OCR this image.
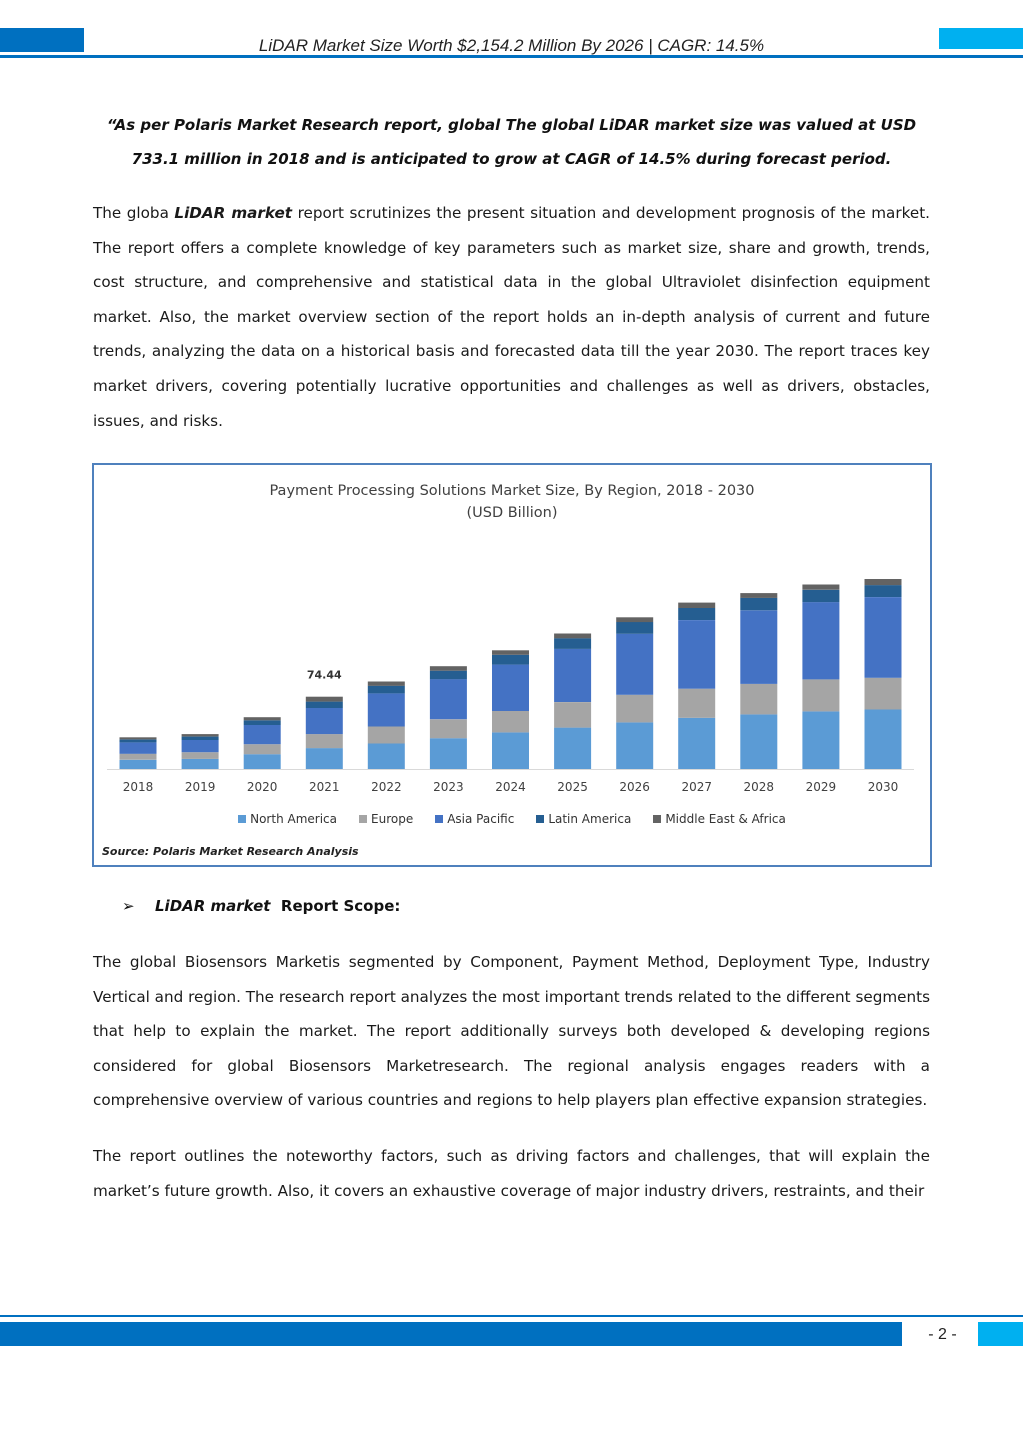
LiDAR Market Size Worth $2,154.2 Million By 2026 | CAGR: 14.5%
“As per Polaris Market Research report, global The global LiDAR market size was valued at USD 733.1 million in 2018 and is anticipated to grow at CAGR of 14.5% during forecast period.

The globa LiDAR market report scrutinizes the present situation and development prognosis of the market. The report offers a complete knowledge of key parameters such as market size, share and growth, trends, cost structure, and comprehensive and statistical data in the global Ultraviolet disinfection equipment market. Also, the market overview section of the report holds an in-depth analysis of current and future trends, analyzing the data on a historical basis and forecasted data till the year 2030. The report traces key market drivers, covering potentially lucrative opportunities and challenges as well as drivers, obstacles, issues, and risks.

Payment Processing Solutions Market Size, By Region, 2018 - 2030
(USD Billion)
2018	2019	2020	2021
74.44
2022	2023	2024	2025	2026	2027	2028	2029	2030
North America	Europe	Asia Pacific	Latin America	Middle East & Africa
Source: Polaris Market Research Analysis
➢ LiDAR market  Report Scope:

The global Biosensors Marketis segmented by Component, Payment Method, Deployment Type, Industry Vertical and region. The research report analyzes the most important trends related to the different segments that help to explain the market. The report additionally surveys both developed & developing regions considered for global Biosensors Marketresearch. The regional analysis engages readers with a comprehensive overview of various countries and regions to help players plan effective expansion strategies.

The report outlines the noteworthy factors, such as driving factors and challenges, that will explain the market’s future growth. Also, it covers an exhaustive coverage of major industry drivers, restraints, and their

- 2 -
